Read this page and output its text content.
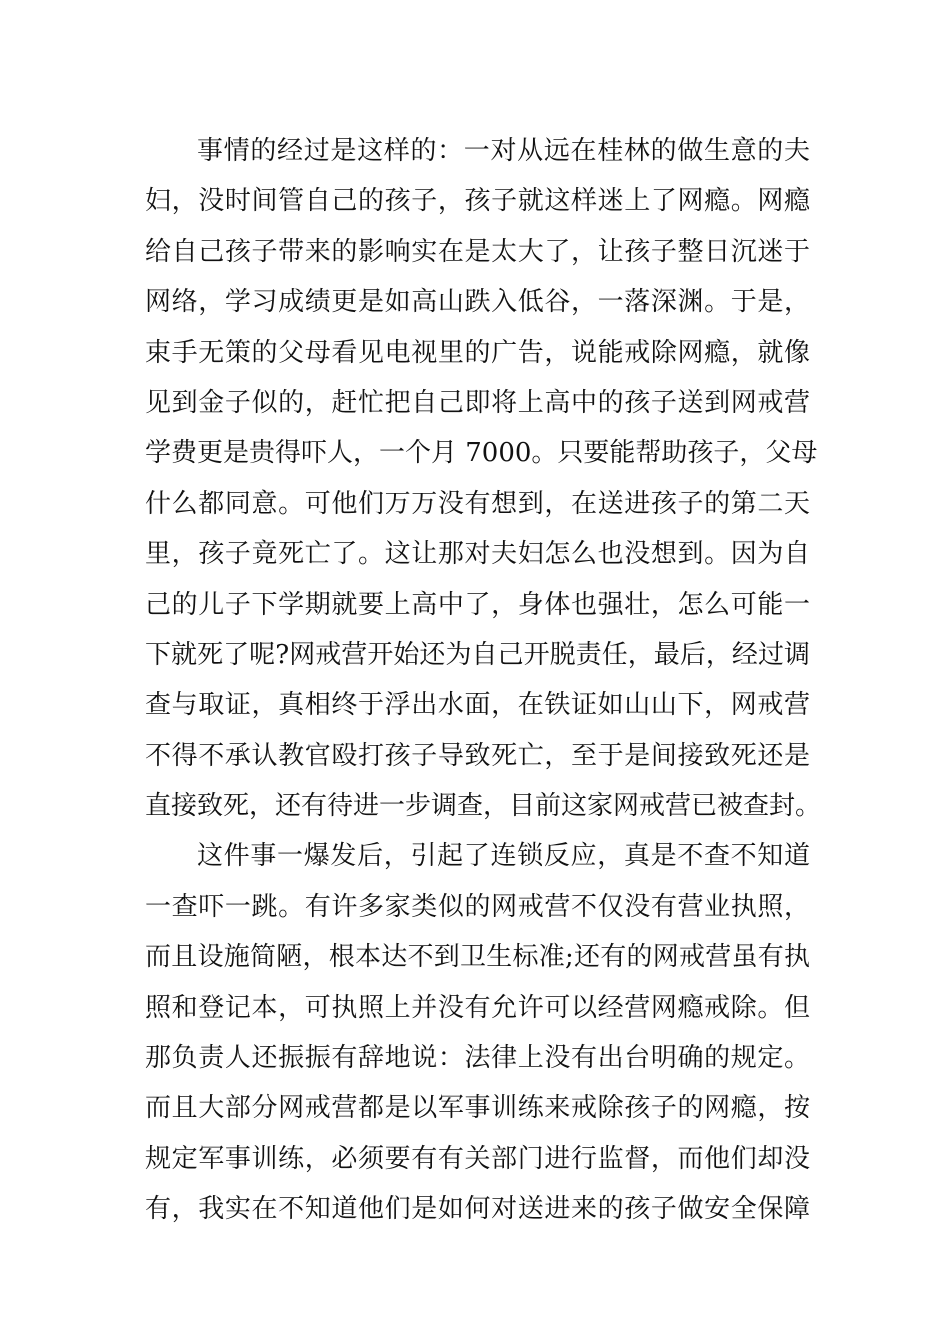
事情的经过是这样的：一对从远在桂林的做生意的夫
妇，没时间管自己的孩子，孩子就这样迷上了网瘾。网瘾
给自己孩子带来的影响实在是太大了，让孩子整日沉迷于
网络，学习成绩更是如高山跌入低谷，一落深渊。于是，
束手无策的父母看见电视里的广告，说能戒除网瘾，就像
见到金子似的，赶忙把自己即将上高中的孩子送到网戒营
学费更是贵得吓人，一个月 7000。只要能帮助孩子，父母
什么都同意。可他们万万没有想到，在送进孩子的第二天
里，孩子竟死亡了。这让那对夫妇怎么也没想到。因为自
己的儿子下学期就要上高中了，身体也强壮，怎么可能一
下就死了呢?网戒营开始还为自己开脱责任，最后，经过调
查与取证，真相终于浮出水面，在铁证如山山下，网戒营
不得不承认教官殴打孩子导致死亡，至于是间接致死还是
直接致死，还有待进一步调查，目前这家网戒营已被查封。
这件事一爆发后，引起了连锁反应，真是不查不知道
一查吓一跳。有许多家类似的网戒营不仅没有营业执照，
而且设施简陋，根本达不到卫生标准;还有的网戒营虽有执
照和登记本，可执照上并没有允许可以经营网瘾戒除。但
那负责人还振振有辞地说：法律上没有出台明确的规定。
而且大部分网戒营都是以军事训练来戒除孩子的网瘾，按
规定军事训练，必须要有有关部门进行监督，而他们却没
有，我实在不知道他们是如何对送进来的孩子做安全保障
